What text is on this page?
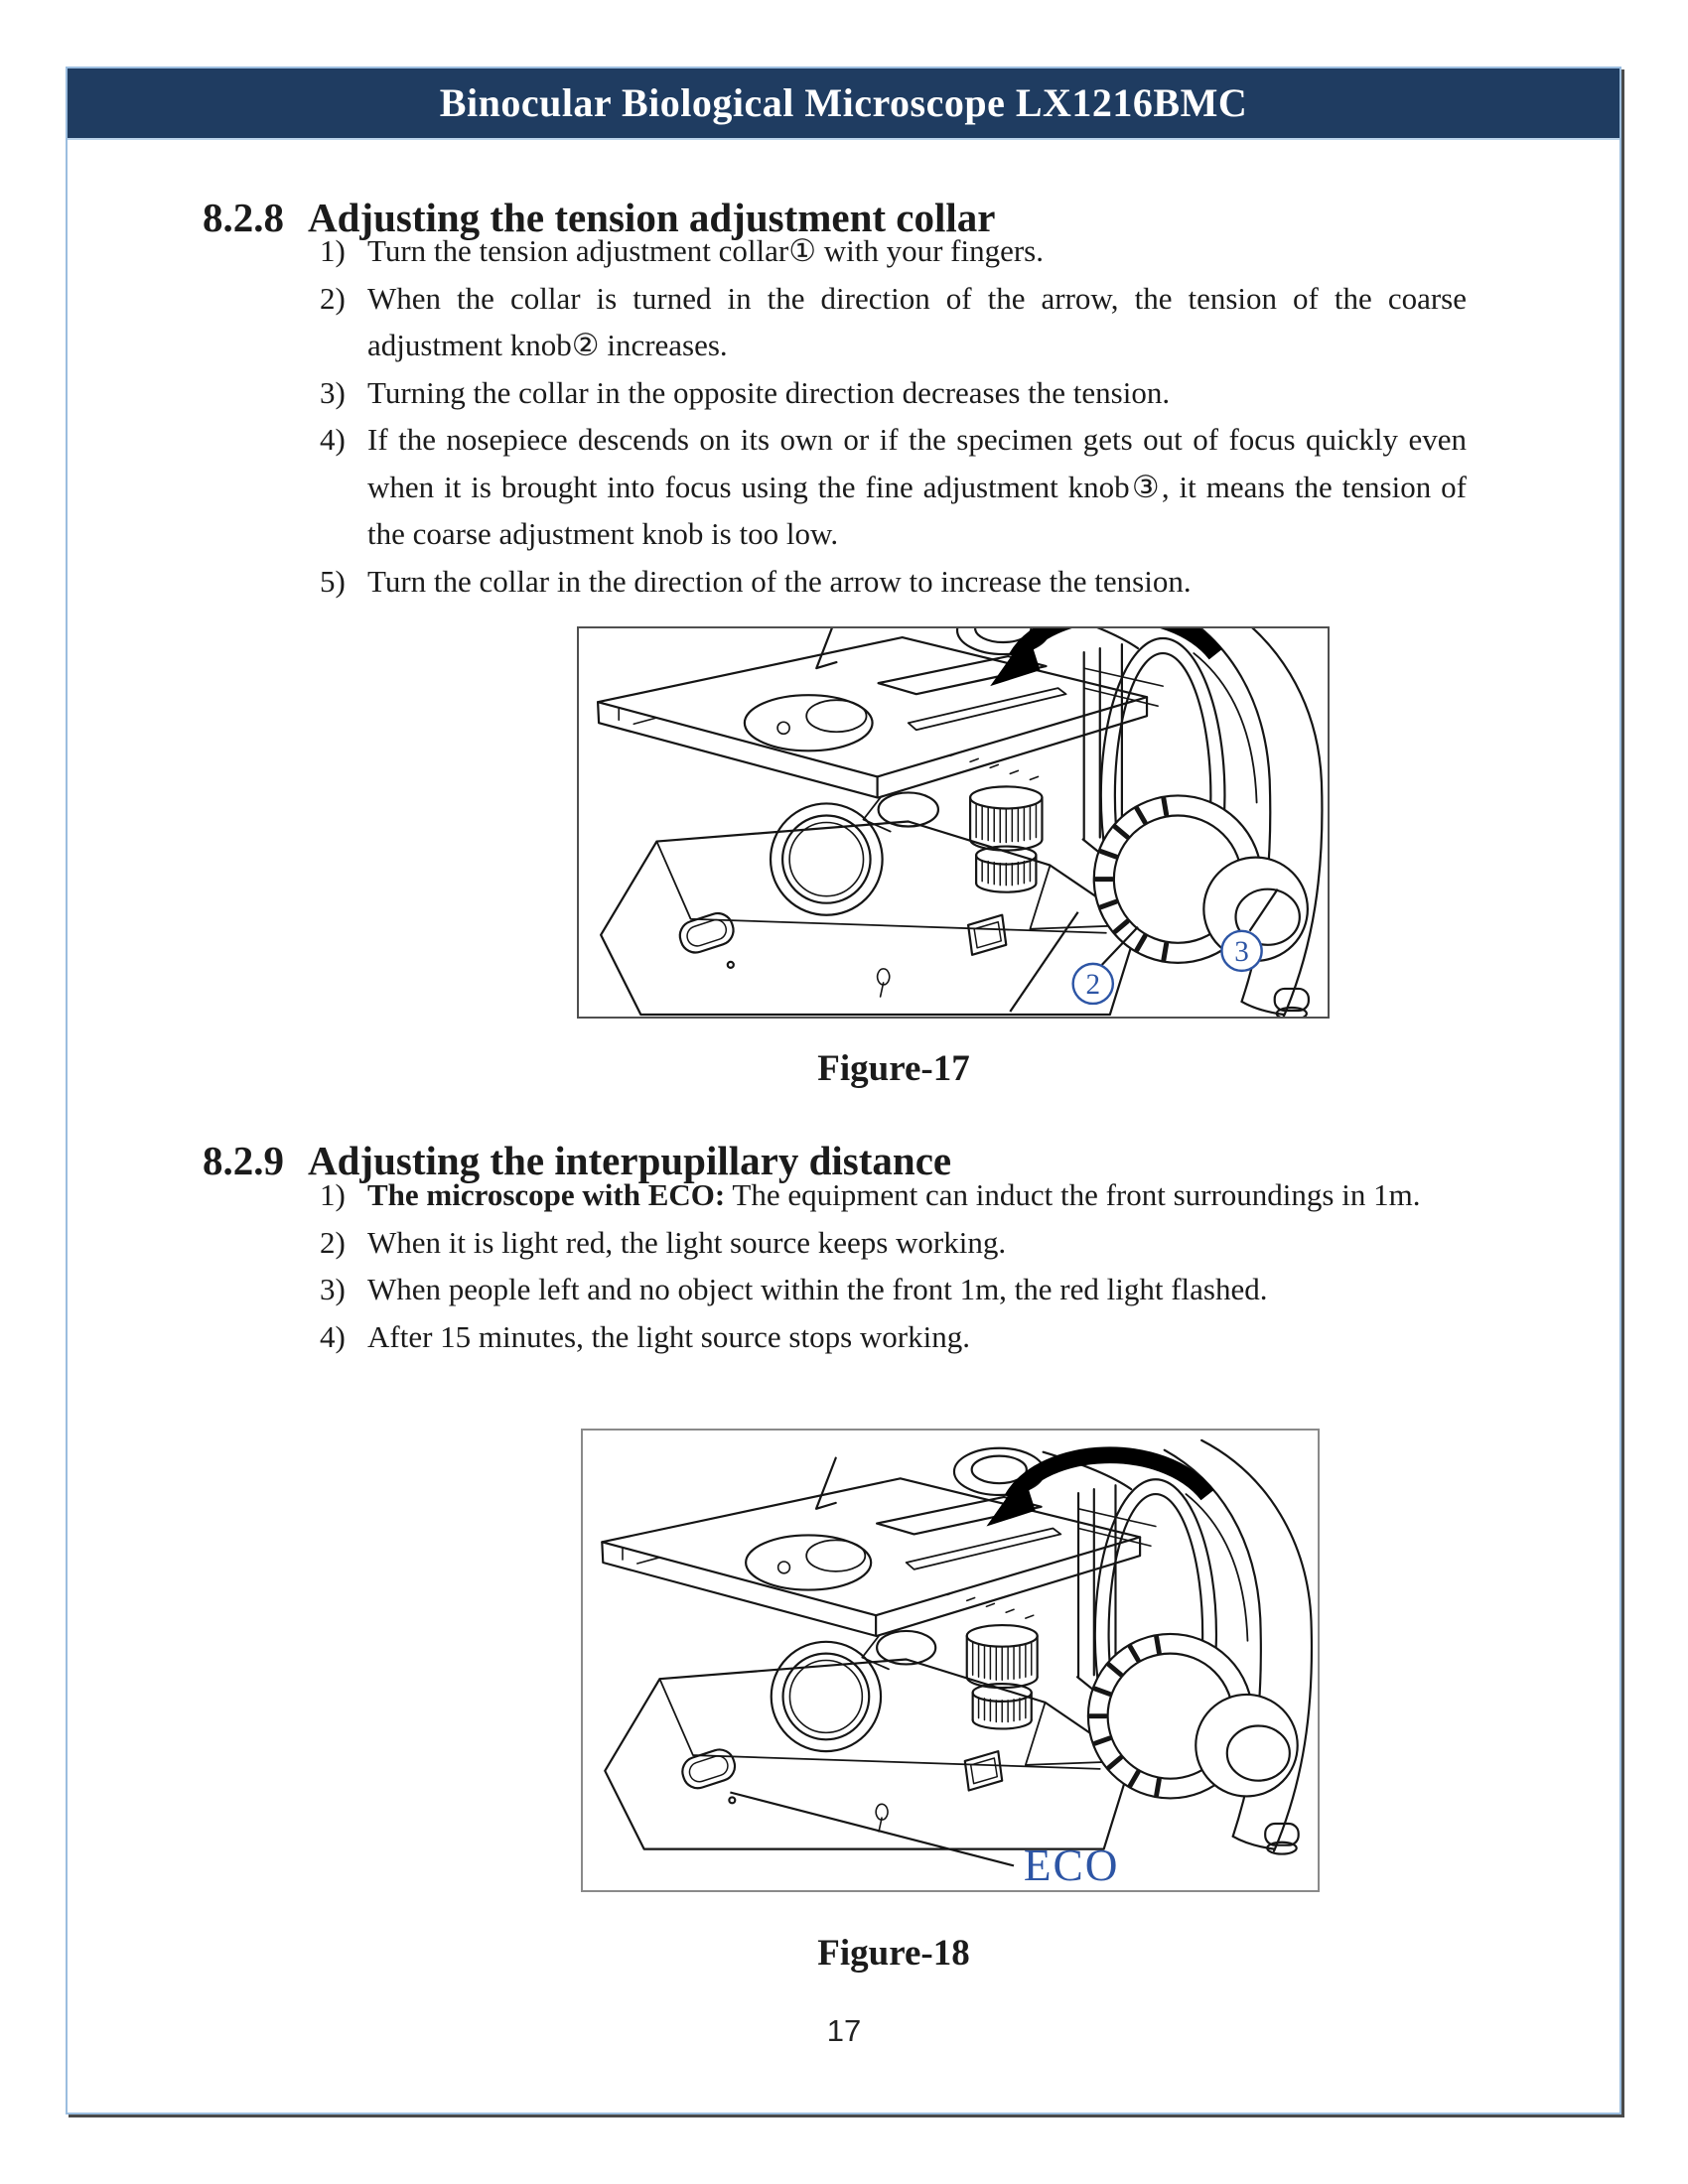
Binocular Biological Microscope LX1216BMC
8.2.8 Adjusting the tension adjustment collar
1) Turn the tension adjustment collar① with your fingers.
2) When the collar is turned in the direction of the arrow, the tension of the coarse adjustment knob② increases.
3) Turning the collar in the opposite direction decreases the tension.
4) If the nosepiece descends on its own or if the specimen gets out of focus quickly even when it is brought into focus using the fine adjustment knob③, it means the tension of the coarse adjustment knob is too low.
5) Turn the collar in the direction of the arrow to increase the tension.
2
3
Figure-17
8.2.9 Adjusting the interpupillary distance
1) The microscope with ECO: The equipment can induct the front surroundings in 1m.
2) When it is light red, the light source keeps working.
3) When people left and no object within the front 1m, the red light flashed.
4) After 15 minutes, the light source stops working.
ECO
Figure-18
17
